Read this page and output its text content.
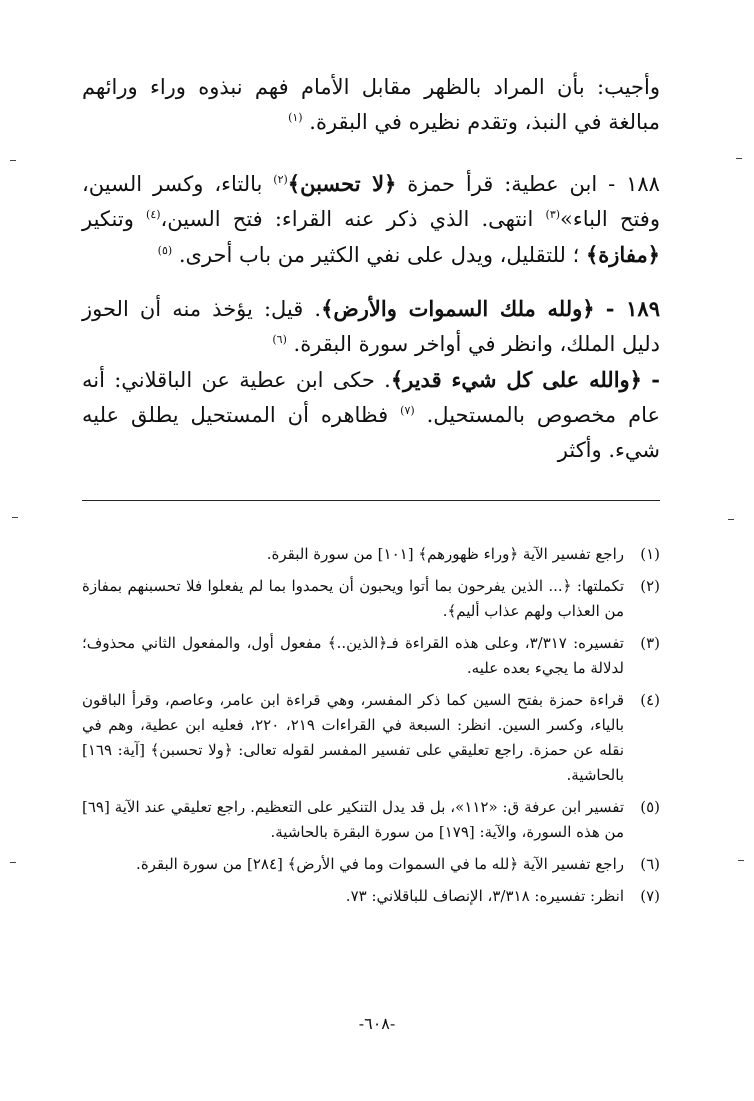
وأجيب: بأن المراد بالظهر مقابل الأمام فهم نبذوه وراء ورائهم مبالغة في النبذ، وتقدم نظيره في البقرة. $^{(١)}$

١٨٨ - ابن عطية: قرأ حمزة ﴿لا تحسبن﴾$^{(٢)}$ بالتاء، وكسر السين، وفتح الباء»$^{(٣)}$ انتهى. الذي ذكر عنه القراء: فتح السين،$^{(٤)}$ وتنكير ﴿مفازة﴾ ؛ للتقليل، ويدل على نفي الكثير من باب أحرى. $^{(٥)}$

١٨٩ - ﴿ولله ملك السموات والأرض﴾. قيل: يؤخذ منه أن الحوز دليل الملك، وانظر في أواخر سورة البقرة. $^{(٦)}$

- ﴿والله على كل شيء قدير﴾. حكى ابن عطية عن الباقلاني: أنه عام مخصوص بالمستحيل. $^{(٧)}$ فظاهره أن المستحيل يطلق عليه شيء. وأكثر

(١)
راجع تفسير الآية ﴿وراء ظهورهم﴾ [١٠١] من سورة البقرة.
(٢)
تكملتها: ﴿... الذين يفرحون بما أتوا ويحبون أن يحمدوا بما لم يفعلوا فلا تحسبنهم بمفازة من العذاب ولهم عذاب أليم﴾.
(٣)
تفسيره: ٣/٣١٧، وعلى هذه القراءة فـ﴿الذين..﴾ مفعول أول، والمفعول الثاني محذوف؛ لدلالة ما يجيء بعده عليه.
(٤)
قراءة حمزة بفتح السين كما ذكر المفسر، وهي قراءة ابن عامر، وعاصم، وقرأ الباقون بالياء، وكسر السين. انظر: السبعة في القراءات ٢١٩، ٢٢٠، فعليه ابن عطية، وهم في نقله عن حمزة. راجع تعليقي على تفسير المفسر لقوله تعالى: ﴿ولا تحسبن﴾ [آية: ١٦٩] بالحاشية.
(٥)
تفسير ابن عرفة ق: «١١٢»، بل قد يدل التنكير على التعظيم. راجع تعليقي عند الآية [٦٩] من هذه السورة، والآية: [١٧٩] من سورة البقرة بالحاشية.
(٦)
راجع تفسير الآية ﴿لله ما في السموات وما في الأرض﴾ [٢٨٤] من سورة البقرة.
(٧)
انظر: تفسيره: ٣/٣١٨، الإنصاف للباقلاني: ٧٣.
-٦٠٨-
